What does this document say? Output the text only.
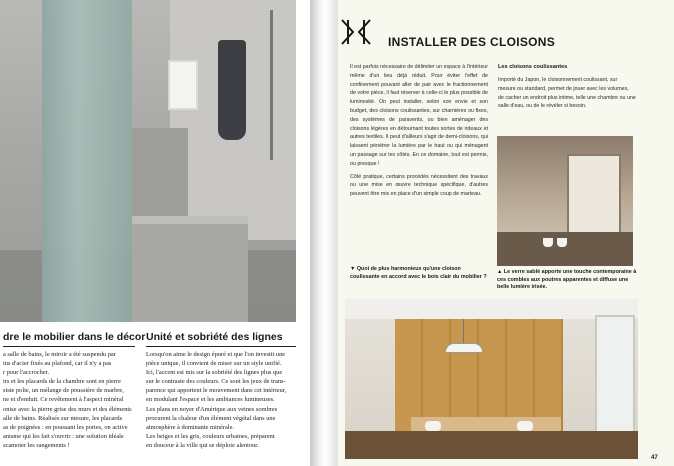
dre le mobilier dans le décor Unité et sobriété des lignes

a salle de bains, le miroir a été suspendu par

ins d'acier fixés au plafond, car il n'y a pas

r pour l'accrocher.

irs et les placards de la chambre sont en pierre

siste polie, un mélange de poussière de marbre,

ne et d'enduit. Ce revêtement à l'aspect minéral

onise avec la pierre grise des murs et des éléments

alle de bains. Réalisés sur mesure, les placards

as de poignées : en poussant les portes, on active

anisme qui les fait s'ouvrir : une solution idéale

scamoter les rangements !

Lorsqu'on aime le design épuré et que l'on investit une

pièce unique, il convient de miser sur un style unifié.

Ici, l'accent est mis sur la sobriété des lignes plus que

sur le contraste des couleurs. Ce sont les jeux de trans-

parence qui apportent le mouvement dans cet intérieur,

en modulant l'espace et les ambiances lumineuses.

Les plans en noyer d'Amérique aux veines sombres

procurent la chaleur d'un élément végétal dans une

atmosphère à dominante minérale.

Les beiges et les gris, couleurs urbaines, préparent

en douceur à la ville qui se déploie alentour.

INSTALLER DES CLOISONS

Il est parfois nécessaire de délimiter un espace à l'intérieur même d'un lieu déjà réduit. Pour éviter l'effet de confinement pouvant aller de pair avec le fractionnement de votre pièce, il faut réserver à celle-ci le plus possible de luminosité. On peut installer, selon son envie et son budget, des cloisons coulissantes, sur charnières ou fixes, des systèmes de paravents, ou bien aménager des cloisons légères en détournant toutes sortes de rideaux et autres textiles. Il peut d'ailleurs s'agir de demi-cloisons, qui laissent pénétrer la lumière par le haut ou qui ménagent un passage sur les côtés. En ce domaine, tout est permis, ou presque !

Côté pratique, certains procédés nécessitent des travaux ou une mise en œuvre technique spécifique, d'autres peuvent être mis en place d'un simple coup de marteau.

Les cloisons coulissantes

Importé du Japon, le cloisonnement coulissant, sur mesure ou standard, permet de jouer avec les volumes, de cacher un endroit plus intime, telle une chambre ou une salle d'eau, ou de le révéler si besoin.

▼ Quoi de plus harmonieux qu'une cloison coulissante en accord avec le bois clair du mobilier ?
▲ Le verre sablé apporte une touche contemporaine à ces combles aux poutres apparentes et diffuse une belle lumière irisée.
47
